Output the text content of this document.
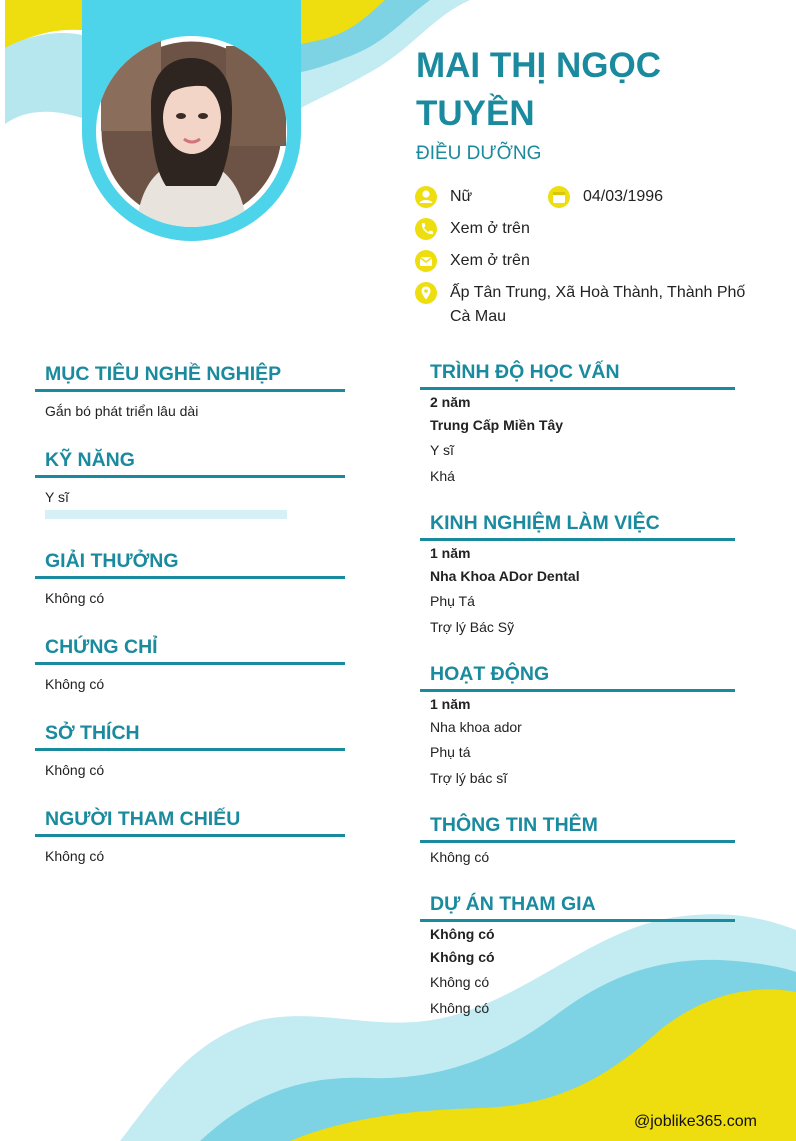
MAI THỊ NGỌC TUYỀN
ĐIỀU DƯỠNG
Nữ	04/03/1996
Xem ở trên
Xem ở trên
Ấp Tân Trung, Xã Hoà Thành, Thành Phố Cà Mau
MỤC TIÊU NGHỀ NGHIỆP
Gắn bó phát triển lâu dài
KỸ NĂNG
Y sĩ
GIẢI THƯỞNG
Không có
CHỨNG CHỈ
Không có
SỞ THÍCH
Không có
NGƯỜI THAM CHIẾU
Không có
TRÌNH ĐỘ HỌC VẤN
2 năm
Trung Cấp Miền Tây
Y sĩ
Khá
KINH NGHIỆM LÀM VIỆC
1 năm
Nha Khoa ADor Dental
Phụ Tá
Trợ lý Bác Sỹ
HOẠT ĐỘNG
1 năm
Nha khoa ador
Phụ tá
Trợ lý bác sĩ
THÔNG TIN THÊM
Không có
DỰ ÁN THAM GIA
Không có
Không có
Không có
Không có
@joblike365.com
